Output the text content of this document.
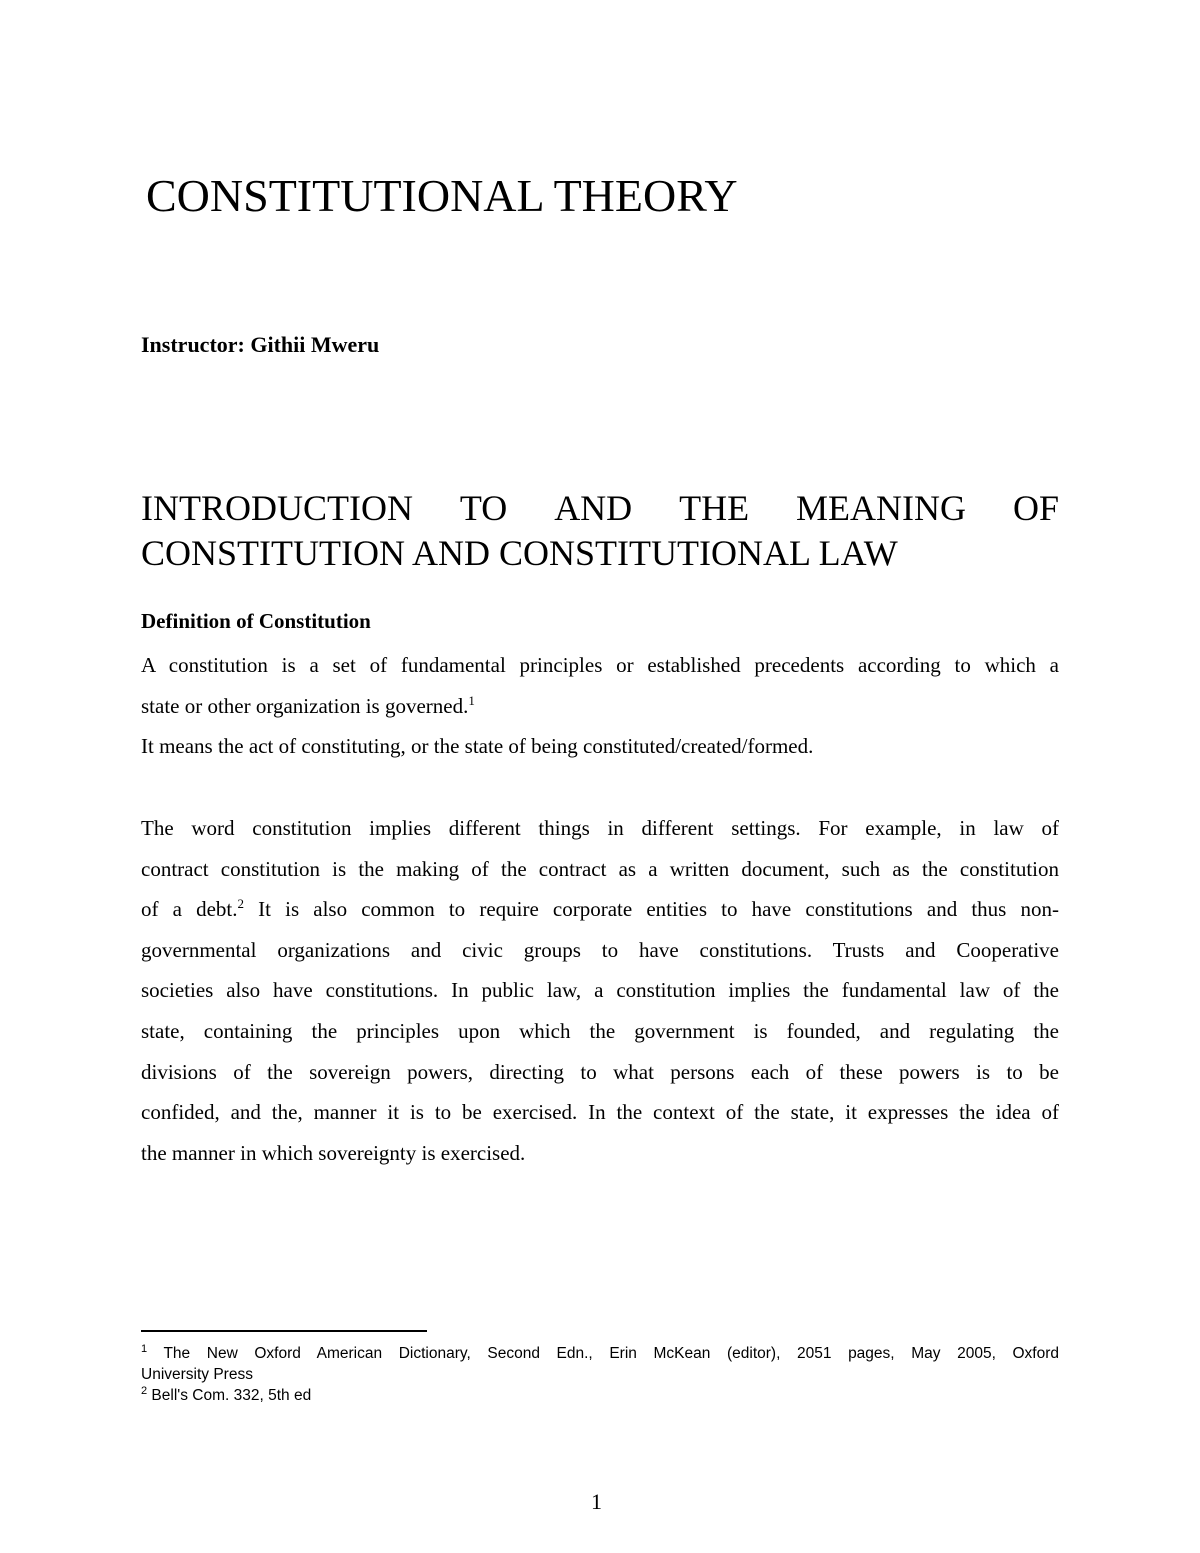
CONSTITUTIONAL THEORY
Instructor: Githii Mweru
INTRODUCTION TO AND THE MEANING OF
CONSTITUTION AND CONSTITUTIONAL LAW
Definition of Constitution
A constitution is a set of fundamental principles or established precedents according to which a
state or other organization is governed.$^1$
It means the act of constituting, or the state of being constituted/created/formed.
The word constitution implies different things in different settings. For example, in law of
contract constitution is the making of the contract as a written document, such as the constitution
of a debt.$^2$ It is also common to require corporate entities to have constitutions and thus non-
governmental organizations and civic groups to have constitutions. Trusts and Cooperative
societies also have constitutions. In public law, a constitution implies the fundamental law of the
state, containing the principles upon which the government is founded, and regulating the
divisions of the sovereign powers, directing to what persons each of these powers is to be
confided, and the, manner it is to be exercised. In the context of the state, it expresses the idea of
the manner in which sovereignty is exercised.
$^1$ The New Oxford American Dictionary, Second Edn., Erin McKean (editor), 2051 pages, May 2005, Oxford
University Press
$^2$ Bell's Com. 332, 5th ed
1
